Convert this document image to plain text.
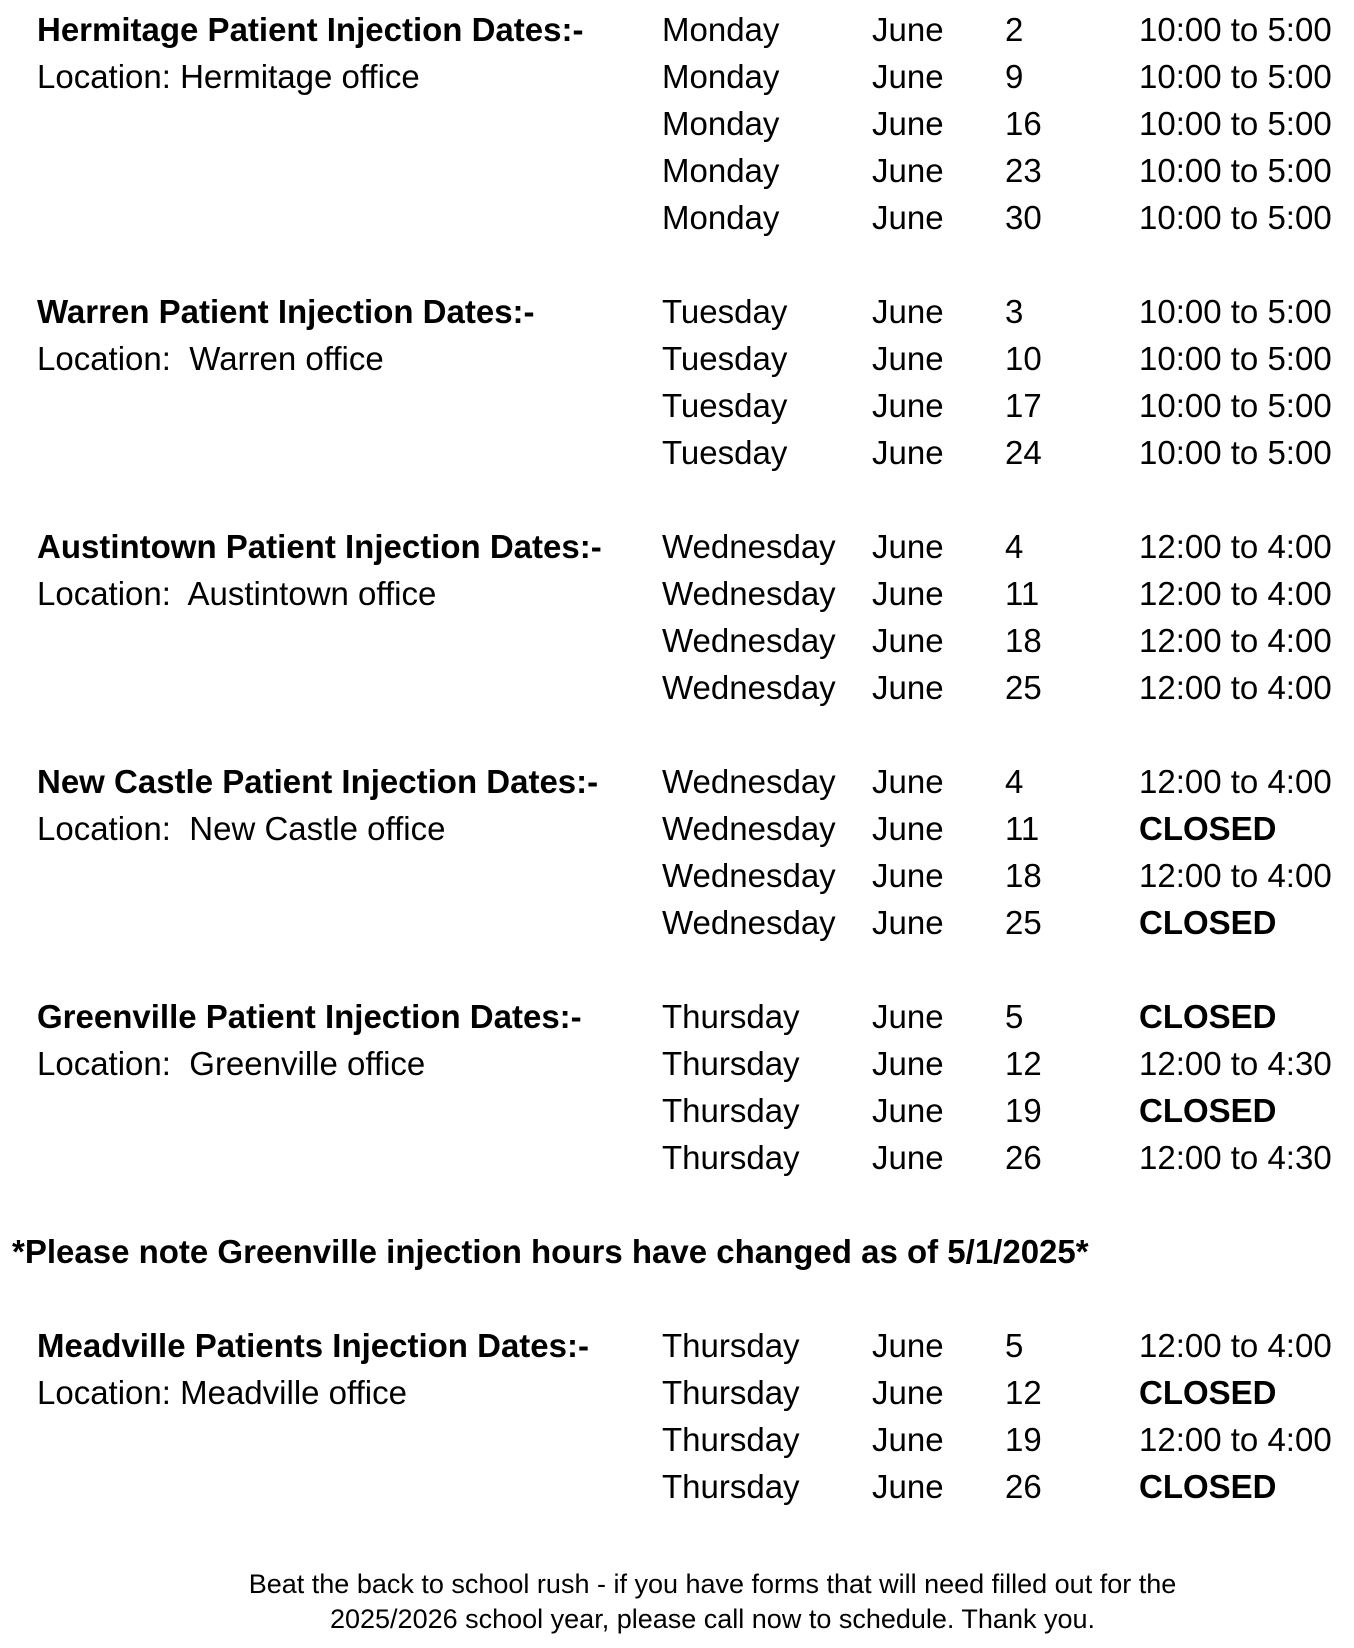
Hermitage Patient Injection Dates:-
Location: Hermitage office
Monday	June 2	10:00 to 5:00
Monday	June 9	10:00 to 5:00
Monday	June 16	10:00 to 5:00
Monday	June 23	10:00 to 5:00
Monday	June 30	10:00 to 5:00
Warren Patient Injection Dates:-
Location:  Warren office
Tuesday	June 3	10:00 to 5:00
Tuesday	June 10	10:00 to 5:00
Tuesday	June 17	10:00 to 5:00
Tuesday	June 24	10:00 to 5:00
Austintown Patient Injection Dates:-
Location:  Austintown office
Wednesday June 4	12:00 to 4:00
Wednesday June 11	12:00 to 4:00
Wednesday June 18	12:00 to 4:00
Wednesday June 25	12:00 to 4:00
New Castle Patient Injection Dates:-
Location:  New Castle office
Wednesday June 4	12:00 to 4:00
Wednesday June 11	CLOSED
Wednesday June 18	12:00 to 4:00
Wednesday June 25	CLOSED
Greenville Patient Injection Dates:-
Location:  Greenville office
Thursday June 5	CLOSED
Thursday June 12	12:00 to 4:30
Thursday June 19	CLOSED
Thursday June 26	12:00 to 4:30
*Please note Greenville injection hours have changed as of 5/1/2025*
Meadville Patients Injection Dates:-
Location: Meadville office
Thursday June 5	12:00 to 4:00
Thursday June 12	CLOSED
Thursday June 19	12:00 to 4:00
Thursday June 26	CLOSED
Beat the back to school rush - if you have forms that will need filled out for the
2025/2026 school year, please call now to schedule. Thank you.
